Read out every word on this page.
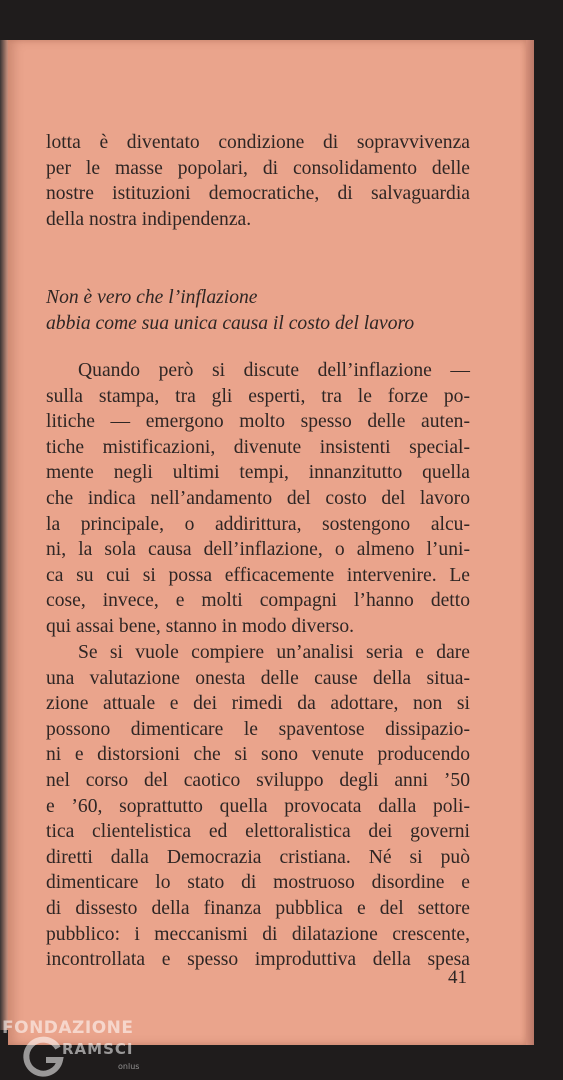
lotta è diventato condizione di sopravvivenza
per le masse popolari, di consolidamento delle
nostre istituzioni democratiche, di salvaguardia
della nostra indipendenza.
Non è vero che l’inflazione
abbia come sua unica causa il costo del lavoro
Quando però si discute dell’inflazione —
sulla stampa, tra gli esperti, tra le forze po-
litiche — emergono molto spesso delle auten-
tiche mistificazioni, divenute insistenti special-
mente negli ultimi tempi, innanzitutto quella
che indica nell’andamento del costo del lavoro
la principale, o addirittura, sostengono alcu-
ni, la sola causa dell’inflazione, o almeno l’uni-
ca su cui si possa efficacemente intervenire. Le
cose, invece, e molti compagni l’hanno detto
qui assai bene, stanno in modo diverso.
Se si vuole compiere un’analisi seria e dare
una valutazione onesta delle cause della situa-
zione attuale e dei rimedi da adottare, non si
possono dimenticare le spaventose dissipazio-
ni e distorsioni che si sono venute producendo
nel corso del caotico sviluppo degli anni ’50
e ’60, soprattutto quella provocata dalla poli-
tica clientelistica ed elettoralistica dei governi
diretti dalla Democrazia cristiana. Né si può
dimenticare lo stato di mostruoso disordine e
di dissesto della finanza pubblica e del settore
pubblico: i meccanismi di dilatazione crescente,
incontrollata e spesso improduttiva della spesa
41
FONDAZIONE
RAMSCI
onlus
